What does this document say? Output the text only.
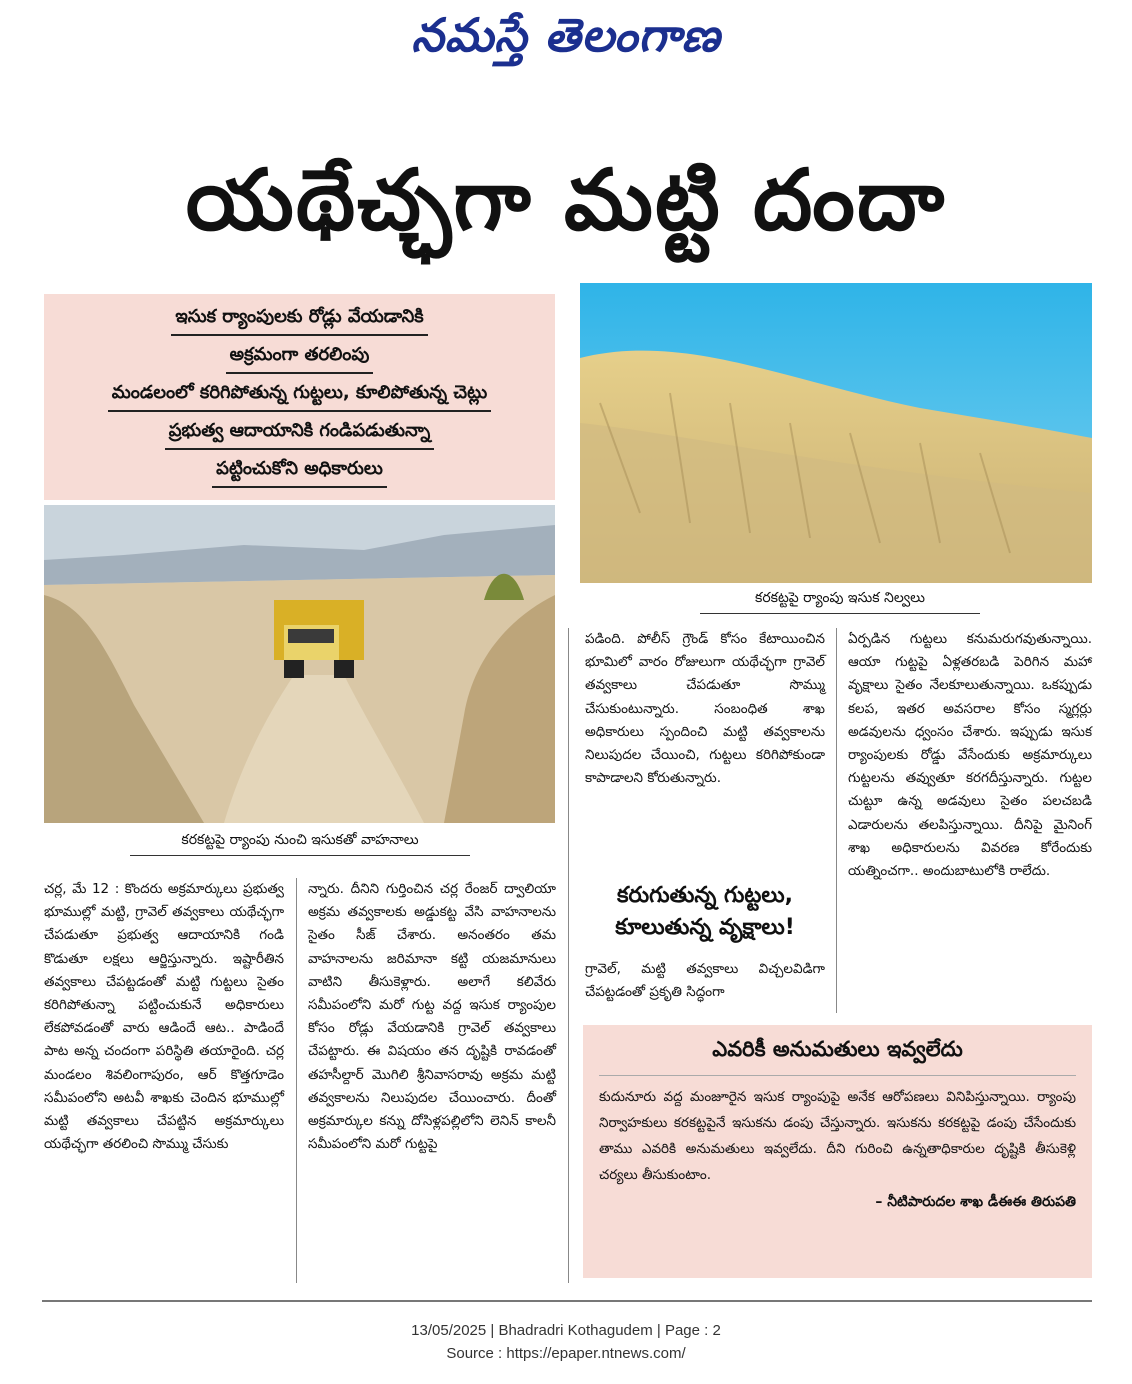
నమస్తే తెలంగాణ
యథేచ్ఛగా మట్టి దందా
ఇసుక ర్యాంపులకు రోడ్లు వేయడానికి
అక్రమంగా తరలింపు
మండలంలో కరిగిపోతున్న గుట్టలు, కూలిపోతున్న చెట్లు
ప్రభుత్వ ఆదాయానికి గండిపడుతున్నా
పట్టించుకోని అధికారులు
కరకట్టపై ర్యాంపు ఇసుక నిల్వలు
కరకట్టపై ర్యాంపు నుంచి ఇసుకతో వాహనాలు
చర్ల, మే 12 : కొందరు అక్రమార్కులు ప్రభుత్వ భూముల్లో మట్టి, గ్రావెల్ తవ్వకాలు యథేచ్ఛగా చేపడుతూ ప్రభుత్వ ఆదాయానికి గండి కొడుతూ లక్షలు ఆర్జిస్తున్నారు. ఇష్టారీతిన తవ్వకాలు చేపట్టడంతో మట్టి గుట్టలు సైతం కరిగిపోతున్నా పట్టించుకునే అధికారులు లేకపోవడంతో వారు ఆడిందే ఆట.. పాడిందే పాట అన్న చందంగా పరిస్థితి తయారైంది. చర్ల మండలం శివలింగాపురం, ఆర్ కొత్తగూడెం సమీపంలోని అటవీ శాఖకు చెందిన భూముల్లో మట్టి తవ్వకాలు చేపట్టిన అక్రమార్కులు యథేచ్ఛగా తరలించి సొమ్ము చేసుకు
న్నారు. దీనిని గుర్తించిన చర్ల రేంజర్ ద్వాలియా అక్రమ తవ్వకాలకు అడ్డుకట్ట వేసి వాహనాలను సైతం సీజ్ చేశారు. అనంతరం తమ వాహనాలను జరిమానా కట్టి యజమానులు వాటిని తీసుకెళ్లారు. అలాగే కలివేరు సమీపంలోని మరో గుట్ట వద్ద ఇసుక ర్యాంపుల కోసం రోడ్లు వేయడానికి గ్రావెల్ తవ్వకాలు చేపట్టారు. ఈ విషయం తన దృష్టికి రావడంతో తహసీల్దార్ మొగిలి శ్రీనివాసరావు అక్రమ మట్టి తవ్వకాలను నిలుపుదల చేయించారు. దీంతో అక్రమార్కుల కన్ను దోసిళ్లపల్లిలోని లెనిన్ కాలనీ సమీపంలోని మరో గుట్టపై
పడింది. పోలీస్ గ్రౌండ్ కోసం కేటాయించిన భూమిలో వారం రోజులుగా యథేచ్ఛగా గ్రావెల్ తవ్వకాలు చేపడుతూ సొమ్ము చేసుకుంటున్నారు. సంబంధిత శాఖ అధికారులు స్పందించి మట్టి తవ్వకాలను నిలుపుదల చేయించి, గుట్టలు కరిగిపోకుండా కాపాడాలని కోరుతున్నారు.
కరుగుతున్న గుట్టలు, కూలుతున్న వృక్షాలు!
గ్రావెల్, మట్టి తవ్వకాలు విచ్చలవిడిగా చేపట్టడంతో ప్రకృతి సిద్ధంగా
ఏర్పడిన గుట్టలు కనుమరుగవుతున్నాయి. ఆయా గుట్టపై ఏళ్లతరబడి పెరిగిన మహా వృక్షాలు సైతం నేలకూలుతున్నాయి. ఒకప్పుడు కలప, ఇతర అవసరాల కోసం స్మగ్లర్లు అడవులను ధ్వంసం చేశారు. ఇప్పుడు ఇసుక ర్యాంపులకు రోడ్డు వేసేందుకు అక్రమార్కులు గుట్టలను తవ్వుతూ కరగదీస్తున్నారు. గుట్టల చుట్టూ ఉన్న అడవులు సైతం పలచబడి ఎడారులను తలపిస్తున్నాయి. దీనిపై మైనింగ్ శాఖ అధికారులను వివరణ కోరేందుకు యత్నించగా.. అందుబాటులోకి రాలేదు.
ఎవరికీ అనుమతులు ఇవ్వలేదు
కుదునూరు వద్ద మంజూరైన ఇసుక ర్యాంపుపై అనేక ఆరోపణలు వినిపిస్తున్నాయి. ర్యాంపు నిర్వాహకులు కరకట్టపైనే ఇసుకను డంపు చేస్తున్నారు. ఇసుకను కరకట్టపై డంపు చేసేందుకు తాము ఎవరికి అనుమతులు ఇవ్వలేదు. దీని గురించి ఉన్నతాధికారుల దృష్టికి తీసుకెళ్లి చర్యలు తీసుకుంటాం.
– నీటిపారుదల శాఖ డీఈఈ తిరుపతి
13/05/2025 | Bhadradri Kothagudem | Page : 2
Source : https://epaper.ntnews.com/
